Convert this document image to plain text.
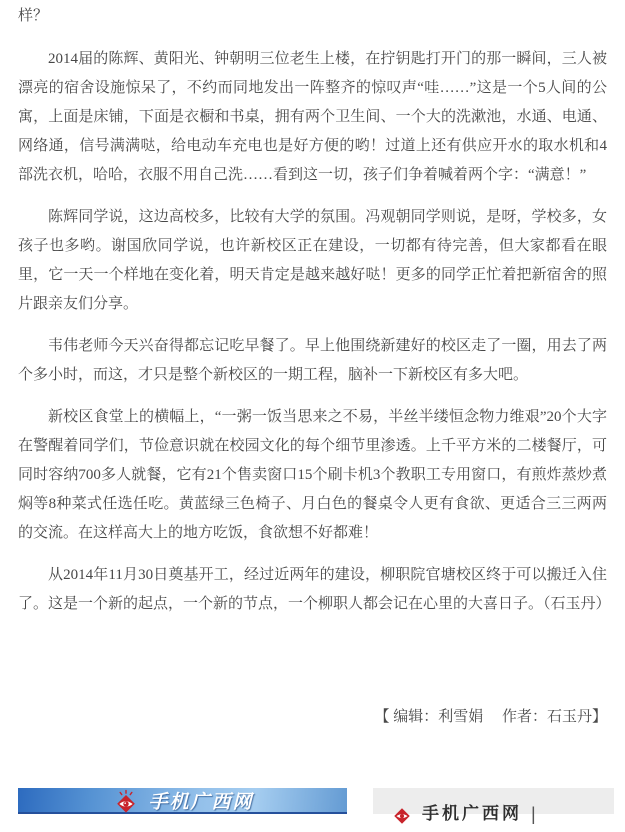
样？

2014届的陈辉、黄阳光、钟朝明三位老生上楼，在拧钥匙打开门的那一瞬间，三人被漂亮的宿舍设施惊呆了，不约而同地发出一阵整齐的惊叹声“哇……”这是一个5人间的公寓，上面是床铺，下面是衣橱和书桌，拥有两个卫生间、一个大的洗漱池，水通、电通、网络通，信号满满哒，给电动车充电也是好方便的哟！过道上还有供应开水的取水机和4部洗衣机，哈哈，衣服不用自己洗……看到这一切，孩子们争着喊着两个字：“满意！”

陈辉同学说，这边高校多，比较有大学的氛围。冯观朝同学则说，是呀，学校多，女孩子也多哟。谢国欣同学说，也许新校区正在建设，一切都有待完善，但大家都看在眼里，它一天一个样地在变化着，明天肯定是越来越好哒！更多的同学正忙着把新宿舍的照片跟亲友们分享。

韦伟老师今天兴奋得都忘记吃早餐了。早上他围绕新建好的校区走了一圈，用去了两个多小时，而这，才只是整个新校区的一期工程，脑补一下新校区有多大吧。

新校区食堂上的横幅上，“一粥一饭当思来之不易，半丝半缕恒念物力维艰”20个大字在警醒着同学们，节俭意识就在校园文化的每个细节里渗透。上千平方米的二楼餐厅，可同时容纳700多人就餐，它有21个售卖窗口15个刷卡机3个教职工专用窗口，有煎炸蒸炒煮焖等8种菜式任选任吃。黄蓝绿三色椅子、月白色的餐桌令人更有食欲、更适合三三两两的交流。在这样高大上的地方吃饭，食欲想不好都难！

从2014年11月30日奠基开工，经过近两年的建设，柳职院官塘校区终于可以搬迁入住了。这是一个新的起点，一个新的节点，一个柳职人都会记在心里的大喜日子。（石玉丹）

【 编辑：利雪娟　 作者：石玉丹】
手机广西网
手机广西网 |
